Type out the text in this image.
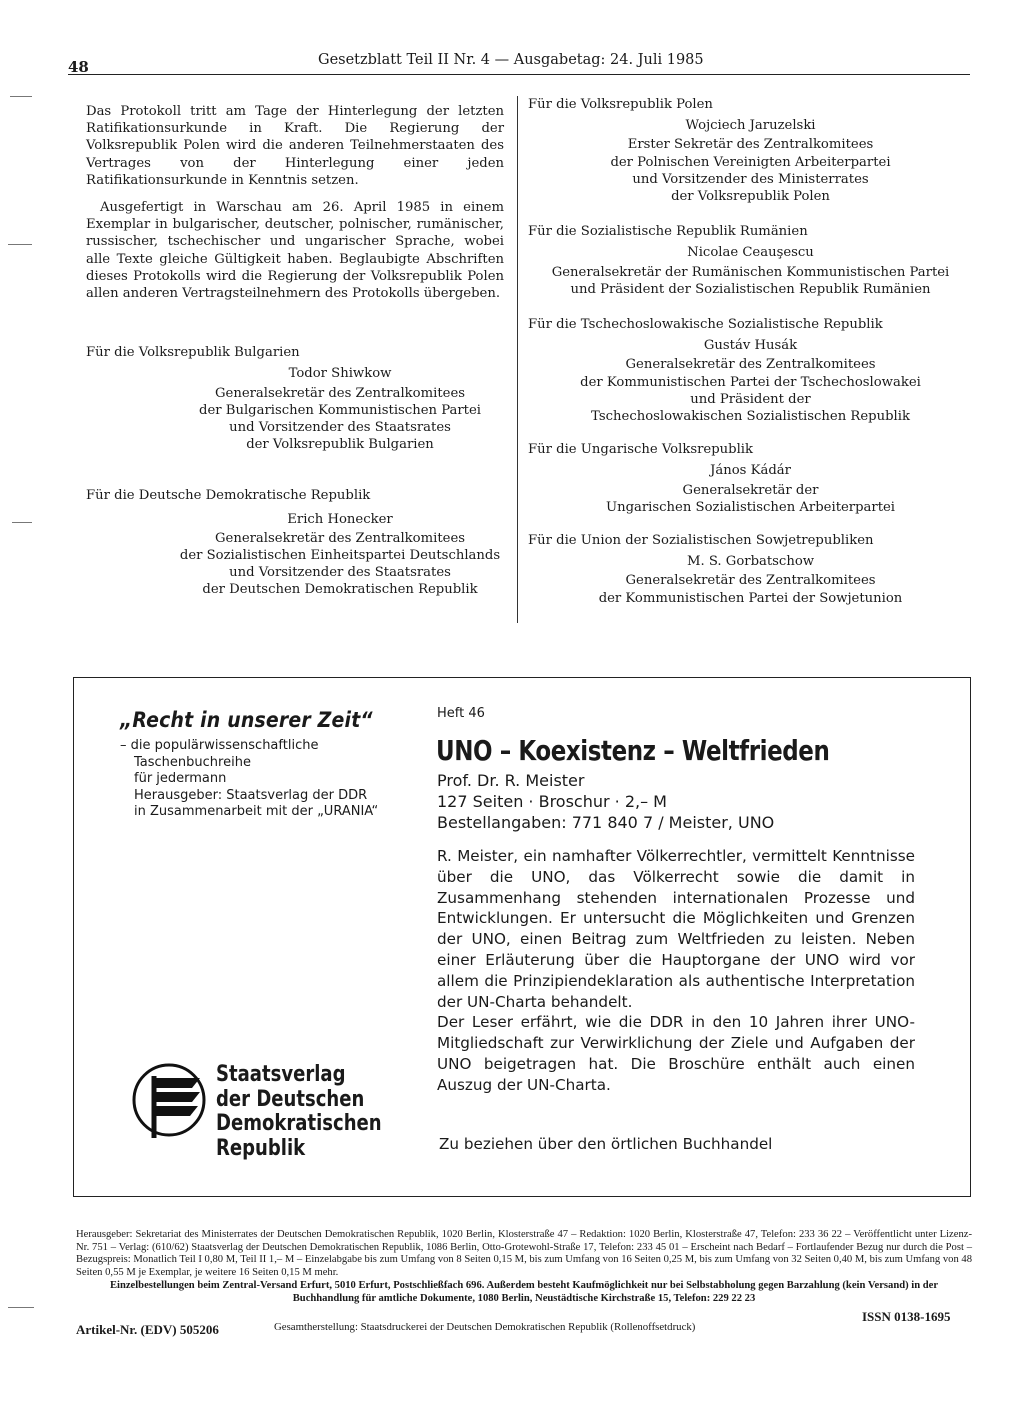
48	Gesetzblatt Teil II Nr. 4 — Ausgabetag: 24. Juli 1985

Das Protokoll tritt am Tage der Hinterlegung der letzten Ratifikationsurkunde in Kraft. Die Regierung der Volksrepublik Polen wird die anderen Teilnehmerstaaten des Vertrages von der Hinterlegung einer jeden Ratifikationsurkunde in Kenntnis setzen.

Ausgefertigt in Warschau am 26. April 1985 in einem Exemplar in bulgarischer, deutscher, polnischer, rumänischer, russischer, tschechischer und ungarischer Sprache, wobei alle Texte gleiche Gültigkeit haben. Beglaubigte Abschriften dieses Protokolls wird die Regierung der Volksrepublik Polen allen anderen Vertragsteilnehmern des Protokolls übergeben.

Für die Volksrepublik Bulgarien

Todor Shiwkow

Generalsekretär des Zentralkomitees

der Bulgarischen Kommunistischen Partei

und Vorsitzender des Staatsrates

der Volksrepublik Bulgarien

Für die Deutsche Demokratische Republik

Erich Honecker

Generalsekretär des Zentralkomitees

der Sozialistischen Einheitspartei Deutschlands

und Vorsitzender des Staatsrates

der Deutschen Demokratischen Republik

Für die Volksrepublik Polen

Wojciech Jaruzelski

Erster Sekretär des Zentralkomitees

der Polnischen Vereinigten Arbeiterpartei

und Vorsitzender des Ministerrates

der Volksrepublik Polen

Für die Sozialistische Republik Rumänien

Nicolae Ceauşescu

Generalsekretär der Rumänischen Kommunistischen Partei

und Präsident der Sozialistischen Republik Rumänien

Für die Tschechoslowakische Sozialistische Republik

Gustáv Husák

Generalsekretär des Zentralkomitees

der Kommunistischen Partei der Tschechoslowakei

und Präsident der

Tschechoslowakischen Sozialistischen Republik

Für die Ungarische Volksrepublik

János Kádár

Generalsekretär der

Ungarischen Sozialistischen Arbeiterpartei

Für die Union der Sozialistischen Sowjetrepubliken

M. S. Gorbatschow

Generalsekretär des Zentralkomitees

der Kommunistischen Partei der Sowjetunion

„Recht in unserer Zeit“

– die populärwissenschaftliche

Taschenbuchreihe

für jedermann

Herausgeber: Staatsverlag der DDR

in Zusammenarbeit mit der „URANIA“

Heft 46
UNO – Koexistenz – Weltfrieden

Prof. Dr. R. Meister

127 Seiten · Broschur · 2,– M

Bestellangaben: 771 840 7 / Meister, UNO

R. Meister, ein namhafter Völkerrechtler, vermittelt Kenntnisse über die UNO, das Völkerrecht sowie die damit in Zusammenhang stehenden internationalen Prozesse und Entwicklungen. Er untersucht die Möglichkeiten und Grenzen der UNO, einen Beitrag zum Weltfrieden zu leisten. Neben einer Erläuterung über die Hauptorgane der UNO wird vor allem die Prinzipiendeklaration als authentische Interpretation der UN-Charta behandelt.

Der Leser erfährt, wie die DDR in den 10 Jahren ihrer UNO-Mitgliedschaft zur Verwirklichung der Ziele und Aufgaben der UNO beigetragen hat. Die Broschüre enthält auch einen Auszug der UN-Charta.

Zu beziehen über den örtlichen Buchhandel

Staatsverlag

der Deutschen

Demokratischen

Republik

Herausgeber: Sekretariat des Ministerrates der Deutschen Demokratischen Republik, 1020 Berlin, Klosterstraße 47 – Redaktion: 1020 Berlin, Klosterstraße 47, Telefon: 233 36 22 – Veröffentlicht unter Lizenz-Nr. 751 – Verlag: (610/62) Staatsverlag der Deutschen Demokratischen Republik, 1086 Berlin, Otto-Grotewohl-Straße 17, Telefon: 233 45 01 – Erscheint nach Bedarf – Fortlaufender Bezug nur durch die Post – Bezugspreis: Monatlich Teil I 0,80 M, Teil II 1,– M – Einzelabgabe bis zum Umfang von 8 Seiten 0,15 M, bis zum Umfang von 16 Seiten 0,25 M, bis zum Umfang von 32 Seiten 0,40 M, bis zum Umfang von 48 Seiten 0,55 M je Exemplar, je weitere 16 Seiten 0,15 M mehr.

Einzelbestellungen beim Zentral-Versand Erfurt, 5010 Erfurt, Postschließfach 696. Außerdem besteht Kaufmöglichkeit nur bei Selbstabholung gegen Barzahlung (kein Versand) in der Buchhandlung für amtliche Dokumente, 1080 Berlin, Neustädtische Kirchstraße 15, Telefon: 229 22 23

Artikel-Nr. (EDV) 505206	Gesamtherstellung: Staatsdruckerei der Deutschen Demokratischen Republik (Rollenoffsetdruck)
ISSN 0138-1695
